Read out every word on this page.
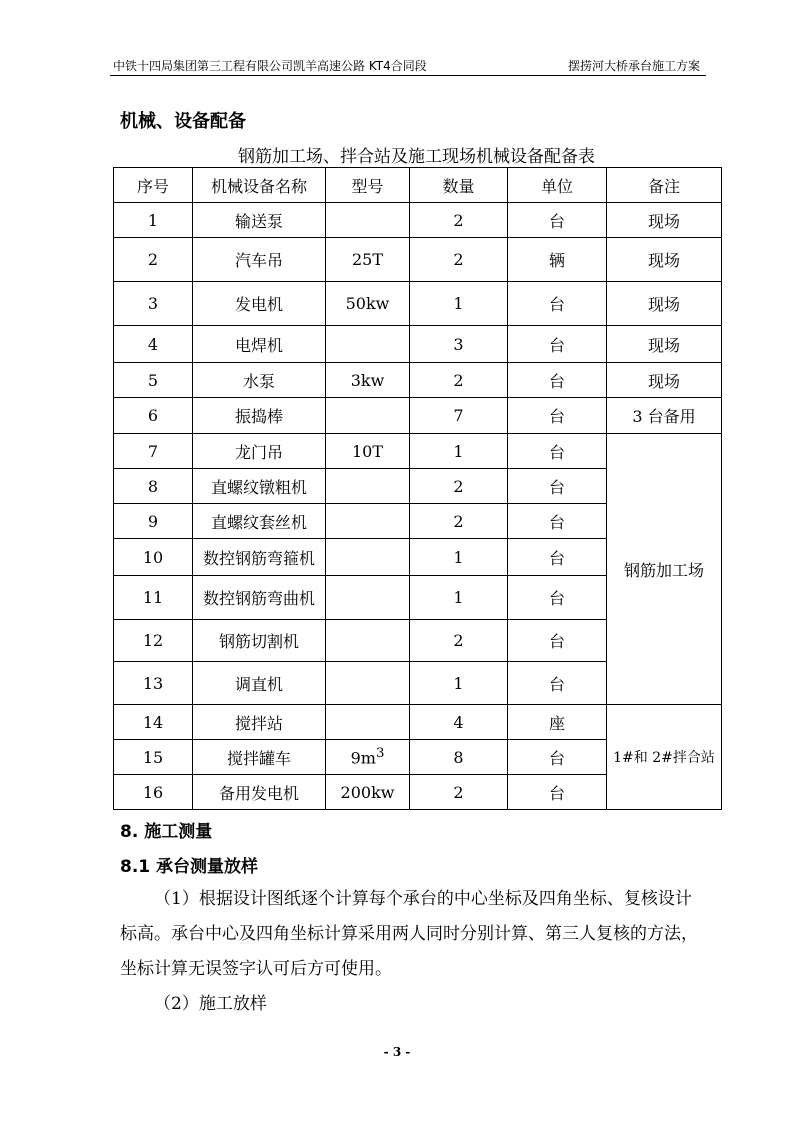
中铁十四局集团第三工程有限公司凯羊高速公路 KT4合同段	摆捞河大桥承台施工方案
机械、设备配备
钢筋加工场、拌合站及施工现场机械设备配备表
序号	机械设备名称	型号	数量	单位	备注
1	输送泵		2	台	现场
2	汽车吊	25T	2	辆	现场
3	发电机	50kw	1	台	现场
4	电焊机		3	台	现场
5	水泵	3kw	2	台	现场
6	振捣棒		7	台	3 台备用
7	龙门吊	10T	1	台	钢筋加工场
8	直螺纹镦粗机		2	台	
9	直螺纹套丝机		2	台	
10	数控钢筋弯箍机		1	台	
11	数控钢筋弯曲机		1	台	
12	钢筋切割机		2	台	
13	调直机		1	台	
14	搅拌站		4	座	1#和 2#拌合站
15	搅拌罐车	$9m^3$	8	台	
16	备用发电机	200kw	2	台	
8. 施工测量
8.1 承台测量放样
（1）根据设计图纸逐个计算每个承台的中心坐标及四角坐标、复核设计标高。承台中心及四角坐标计算采用两人同时分别计算、第三人复核的方法，坐标计算无误签字认可后方可使用。
（2）施工放样
- 3 -
